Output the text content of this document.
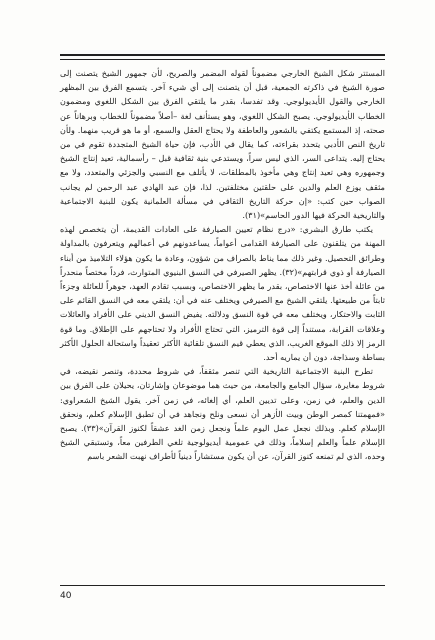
المستتر شكل الشيخ الخارجي مضموناً لقوله المضمر والصريح، لأن جمهور الشيخ يتصنت إلى صورة الشيخ في ذاكرته الجمعية، قبل أن يتصنت إلى أي شيء آخر. يتسمع الفرق بين المظهر الخارجي والقول الأيديولوجي. وقد تفدسا، بقدر ما يلتقي الفرق بين الشكل اللغوي ومضمون الخطاب الأيديولوجي. يصبح الشكل اللغوي، وهو يستأنف لغة –أصلاً مضموناً للخطاب وبرهاناً عن صحته، إذ المستمع يكتفي بالشعور والعاطفة ولا يحتاج العقل والسمع، أو ما هو قريب منهما. ولأن تاريخ النص الأدبي يتحدد بقراءته، كما يقال في الأدب، فإن حياة الشيخ المتجددة تقوم في من يحتاج إليه. يتداعى السر، الذي ليس سراً، ويستدعي بنية ثقافية قبل – رأسمالية، تعيد إنتاج الشيخ وجمهوره وهي تعيد إنتاج وهي مأخوذ بالمطلقات، لا يأتلف مع النسبي والجزئي والمتعدد، ولا مع مثقف يوزع العلم والدين على حلقتين مختلفتين. لذا، فإن عبد الهادي عبد الرحمن لم يجانب الصواب حين كتب: «إن حركة التاريخ الثقافي في مسألة العلمانية يكون للبنية الاجتماعية والتاريخية الحركة فيها الدور الحاسم»(٣١).

يكتب طارق البشري: «درج نظام تعيين الصيارفة على العادات القديمة، أن يتخصص لهذه المهنة من يتلقنون على الصيارفة القدامى أعواماً، يساعدونهم في أعمالهم ويتعرفون بالمداولة وطرائق التحصيل. وغير ذلك مما يناط بالصراف من شؤون، وعادة ما يكون هؤلاء التلاميذ من أبناء الصيارفة أو ذوي قرابتهم»(٣٢). يظهر الصيرفي في النسق البنيوي المتوارث، فرداً مختصاً منحدراً من عائلة أخذ عنها الاختصاص، بقدر ما يظهر الاختصاص، وبسبب تقادم العهد، جوهراً للعائلة وجزءاً ثابتاً من طبيعتها. يلتقي الشيخ مع الصيرفي ويختلف عنه في أن: يلتقي معه في النسق القائم على الثابت والاحتكار، ويختلف معه في قوة النسق ودلالته. يفيض النسق الديني على الأفراد والعائلات وعلاقات القرابة، مستنداً إلى قوة الترميز، التي تحتاج الأفراد ولا تحتاجهم على الإطلاق. وما قوة الرمز إلا ذلك الموقع الغريب، الذي يعطي قيم النسق تلقائية الأكثر تعقيداً واستحالة الحلول الأكثر بساطة وسذاجة، دون أن يماريه أحد.

تطرح البنية الاجتماعية التاريخية التي تنصر مثقفاً، في شروط محددة، وتنصر نقيضه، في شروط مغايرة، سؤال الجامع والجامعة، من حيث هما موضوعان وإشارتان، يحيلان على الفرق بين الدين والعلم، في زمن، وعلى تديين العلم، أي إلغائه، في زمن آخر. يقول الشيخ الشعراوي: «فمهمتنا كمصر الوطن وبيت الأزهر أن نسعى ونلح ونجاهد في أن تطبق الإسلام كعلم، ونحقق الإسلام كعلم. وبذلك نجعل عمل اليوم علماً ونجعل زمن الغد عشقاً لكنوز القرآن»(٣٣). يصبح الإسلام علماً والعلم إسلاماً، وذلك في عمومية أيديولوجية تلغي الطرفين معاً، وتستبقي الشيخ وحده، الذي لم تمنعه كنوز القرآن، عن أن يكون مستشاراً دينياً لأطراف نهبت الشعر باسم

40
